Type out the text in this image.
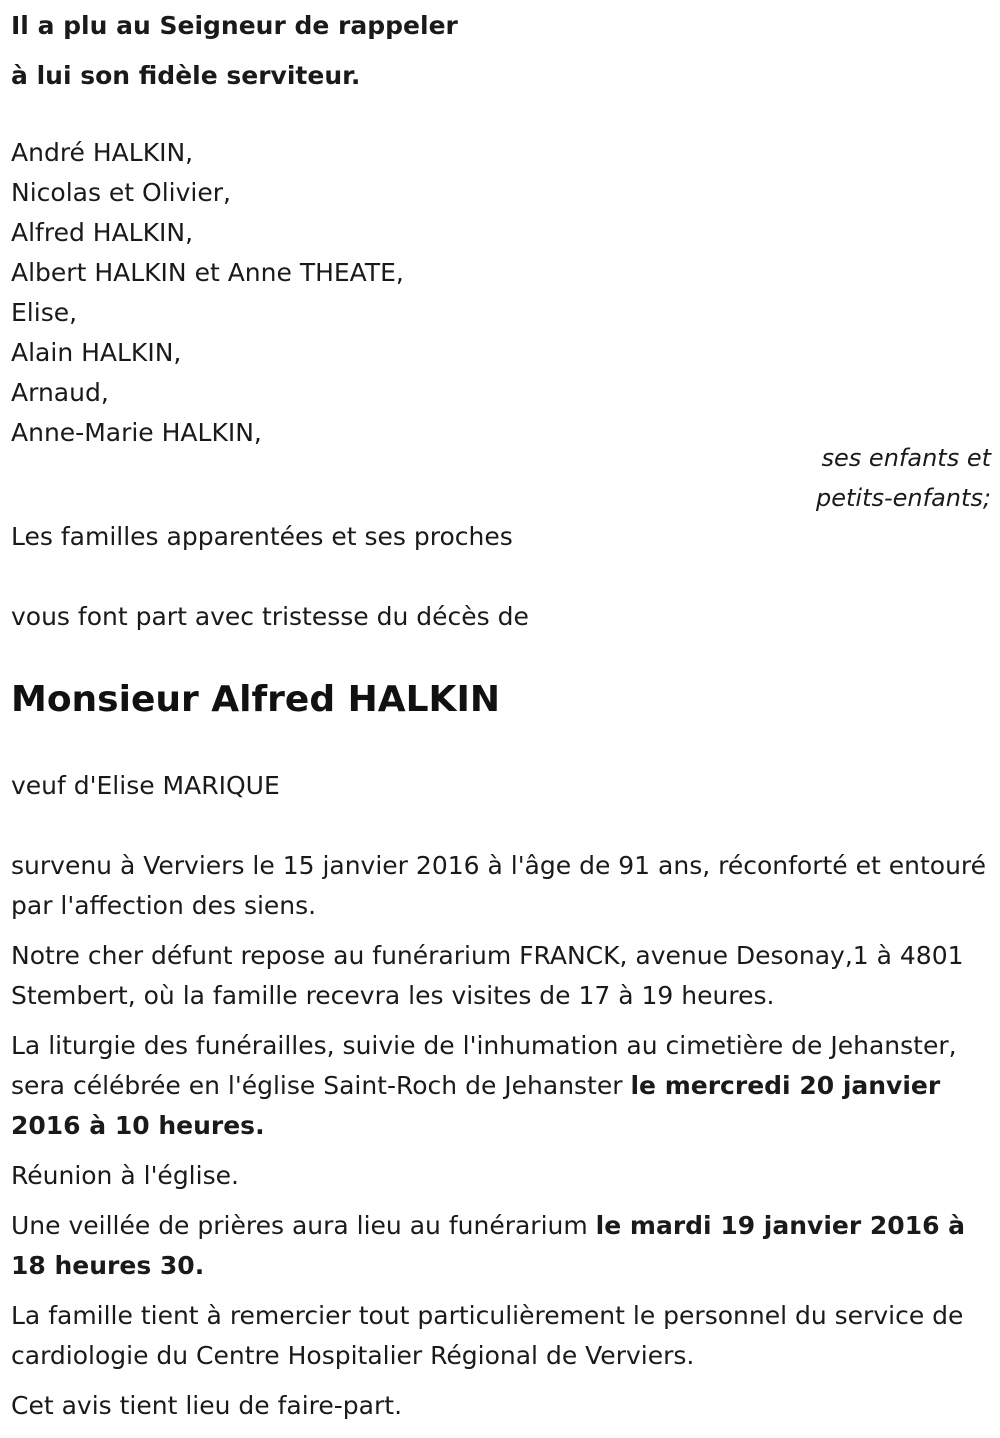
Il a plu au Seigneur de rappeler
à lui son fidèle serviteur.
André HALKIN,
Nicolas et Olivier,
Alfred HALKIN,
Albert HALKIN et Anne THEATE,
Elise,
Alain HALKIN,
Arnaud,
Anne-Marie HALKIN,
ses enfants et
petits-enfants;
Les familles apparentées et ses proches
vous font part avec tristesse du décès de
Monsieur Alfred HALKIN
veuf d'Elise MARIQUE

survenu à Verviers le 15 janvier 2016 à l'âge de 91 ans, réconforté et entouré par l'affection des siens.

Notre cher défunt repose au funérarium FRANCK, avenue Desonay,1 à 4801 Stembert, où la famille recevra les visites de 17 à 19 heures.

La liturgie des funérailles, suivie de l'inhumation au cimetière de Jehanster, sera célébrée en l'église Saint-Roch de Jehanster le mercredi 20 janvier 2016 à 10 heures.

Réunion à l'église.

Une veillée de prières aura lieu au funérarium le mardi 19 janvier 2016 à 18 heures 30.

La famille tient à remercier tout particulièrement le personnel du service de cardiologie du Centre Hospitalier Régional de Verviers.

Cet avis tient lieu de faire-part.
